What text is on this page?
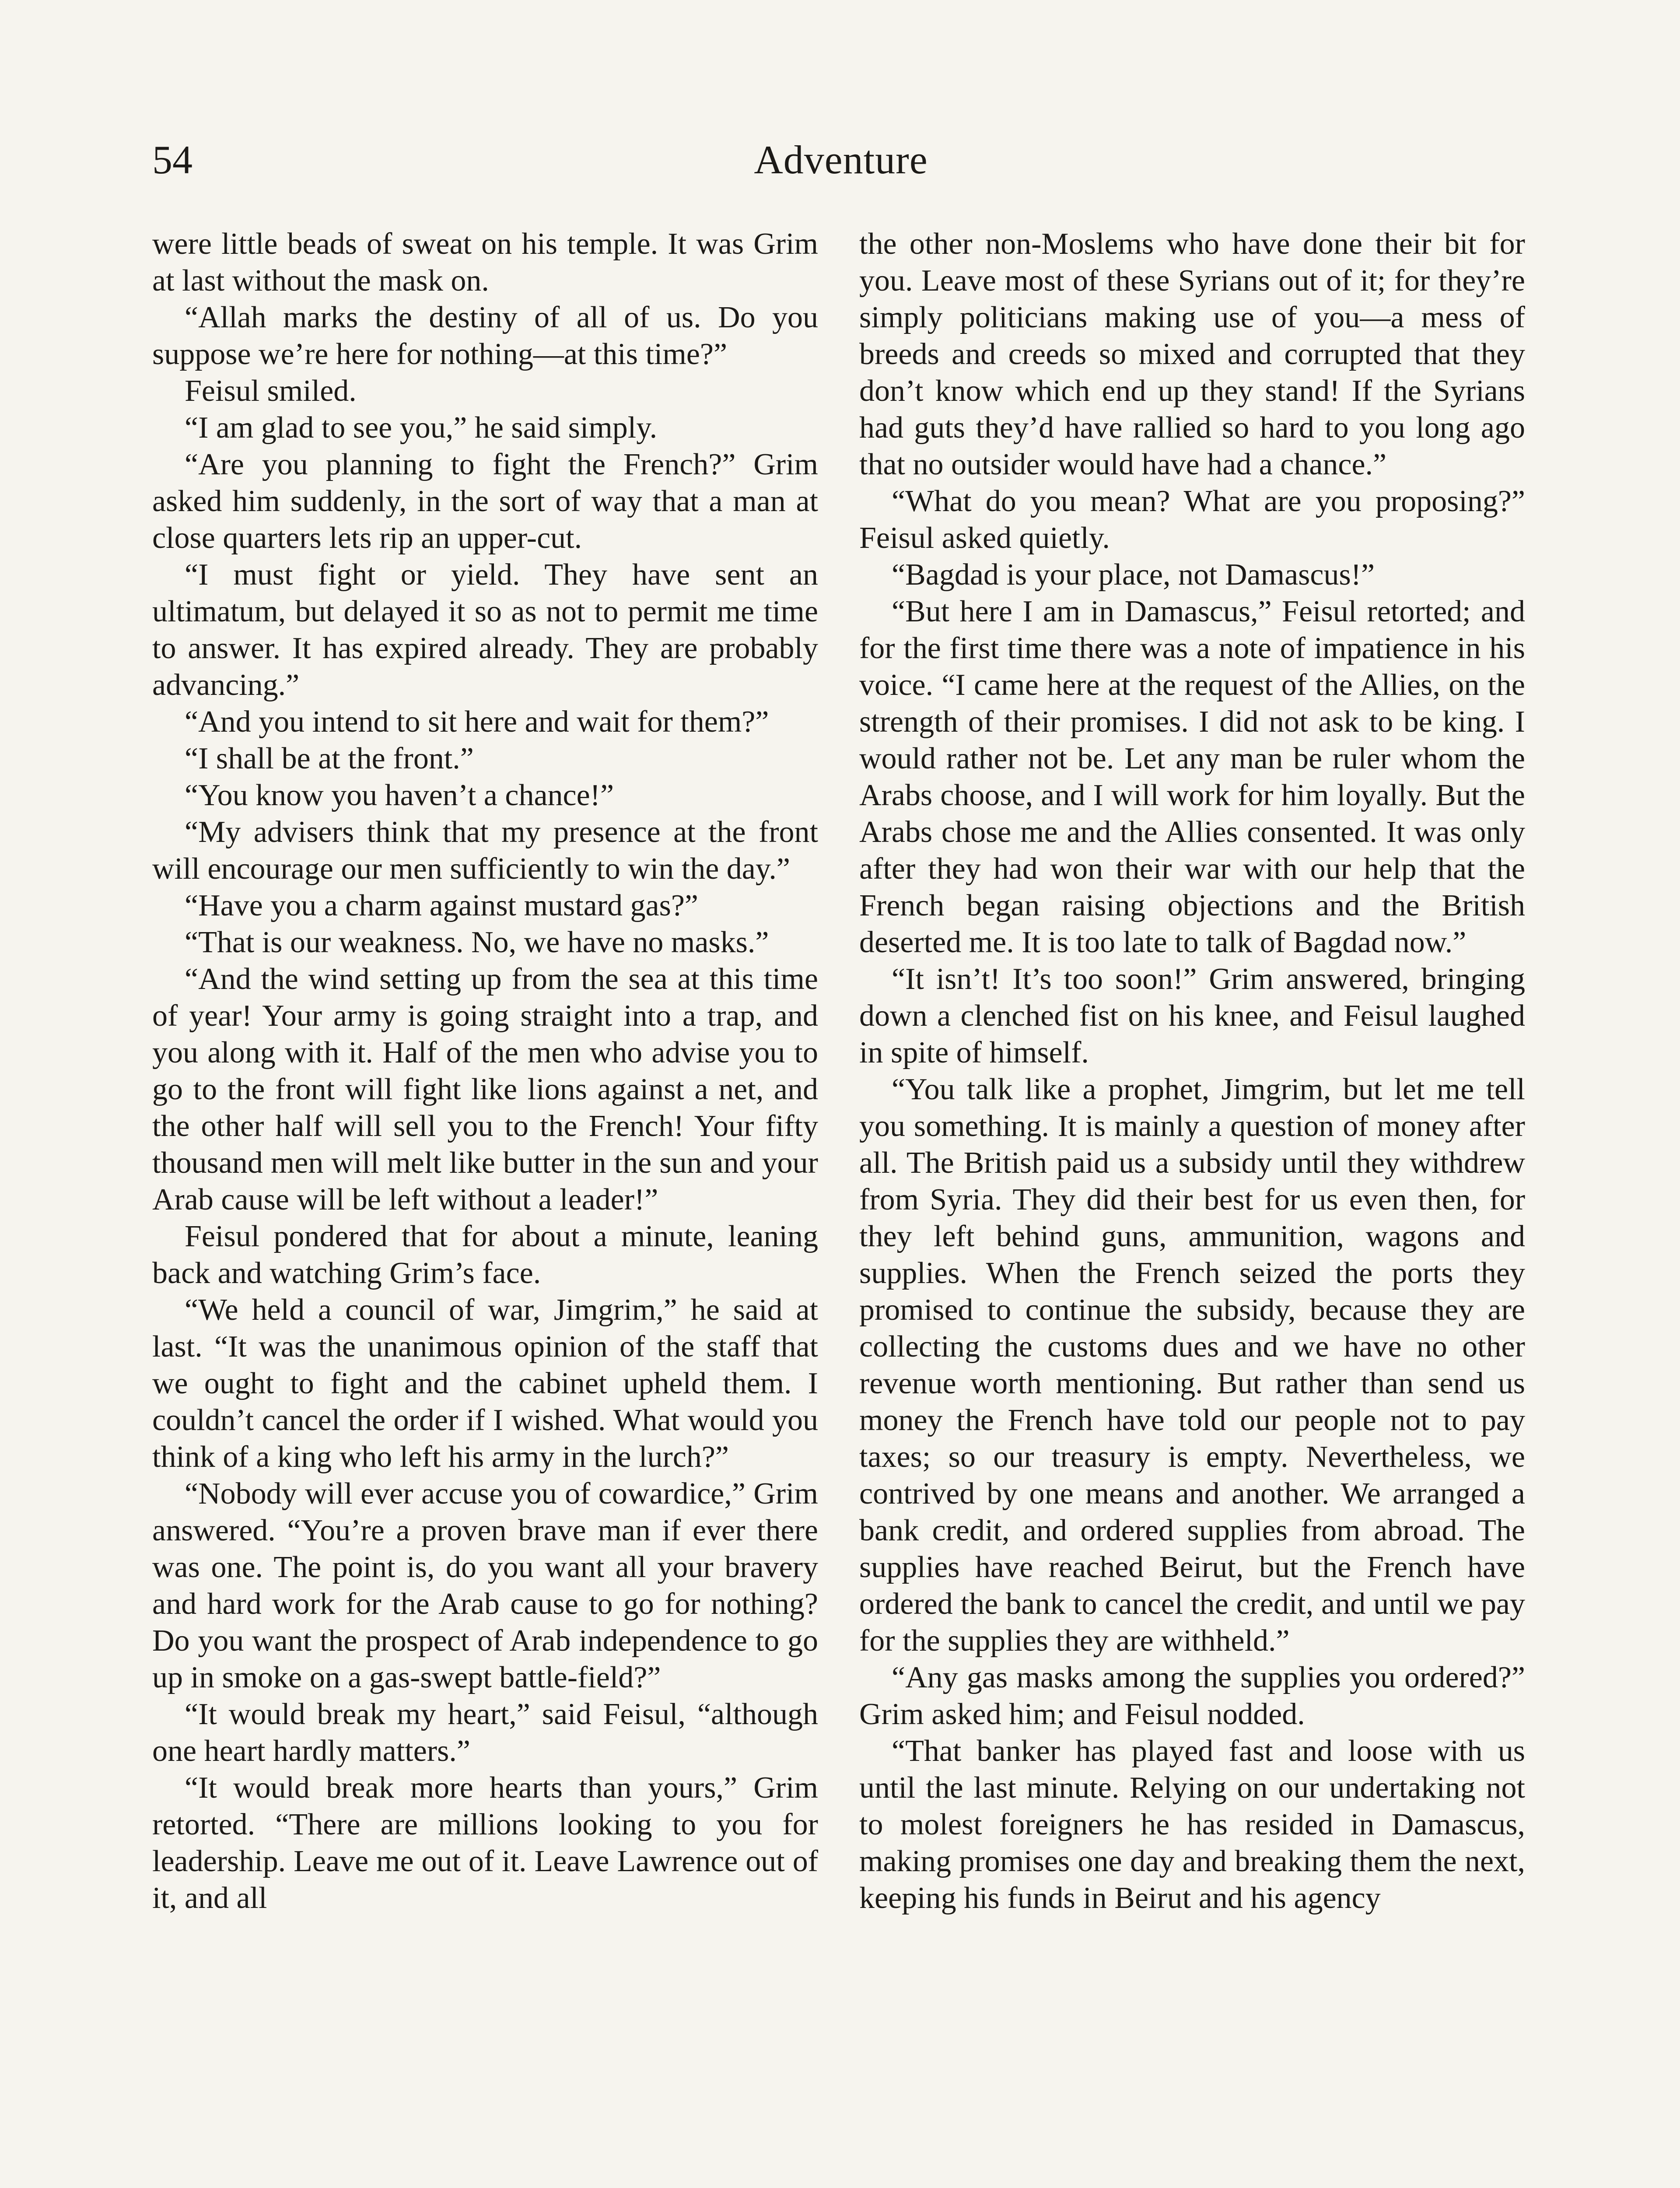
54	Adventure

were little beads of sweat on his temple. It was Grim at last without the mask on.

“Allah marks the destiny of all of us. Do you suppose we’re here for nothing—at this time?”

Feisul smiled.

“I am glad to see you,” he said simply.

“Are you planning to fight the French?” Grim asked him suddenly, in the sort of way that a man at close quarters lets rip an upper-cut.

“I must fight or yield. They have sent an ultimatum, but delayed it so as not to permit me time to answer. It has expired already. They are probably advancing.”

“And you intend to sit here and wait for them?”

“I shall be at the front.”

“You know you haven’t a chance!”

“My advisers think that my presence at the front will encourage our men sufficiently to win the day.”

“Have you a charm against mustard gas?”

“That is our weakness. No, we have no masks.”

“And the wind setting up from the sea at this time of year! Your army is going straight into a trap, and you along with it. Half of the men who advise you to go to the front will fight like lions against a net, and the other half will sell you to the French! Your fifty thousand men will melt like butter in the sun and your Arab cause will be left without a leader!”

Feisul pondered that for about a minute, leaning back and watching Grim’s face.

“We held a council of war, Jimgrim,” he said at last. “It was the unanimous opinion of the staff that we ought to fight and the cabinet upheld them. I couldn’t cancel the order if I wished. What would you think of a king who left his army in the lurch?”

“Nobody will ever accuse you of cowardice,” Grim answered. “You’re a proven brave man if ever there was one. The point is, do you want all your bravery and hard work for the Arab cause to go for nothing? Do you want the prospect of Arab independence to go up in smoke on a gas-swept battle-field?”

“It would break my heart,” said Feisul, “although one heart hardly matters.”

“It would break more hearts than yours,” Grim retorted. “There are millions looking to you for leadership. Leave me out of it. Leave Lawrence out of it, and all

the other non-Moslems who have done their bit for you. Leave most of these Syrians out of it; for they’re simply politicians making use of you—a mess of breeds and creeds so mixed and corrupted that they don’t know which end up they stand! If the Syrians had guts they’d have rallied so hard to you long ago that no outsider would have had a chance.”

“What do you mean? What are you proposing?” Feisul asked quietly.

“Bagdad is your place, not Damascus!”

“But here I am in Damascus,” Feisul retorted; and for the first time there was a note of impatience in his voice. “I came here at the request of the Allies, on the strength of their promises. I did not ask to be king. I would rather not be. Let any man be ruler whom the Arabs choose, and I will work for him loyally. But the Arabs chose me and the Allies consented. It was only after they had won their war with our help that the French began raising objections and the British deserted me. It is too late to talk of Bagdad now.”

“It isn’t! It’s too soon!” Grim answered, bringing down a clenched fist on his knee, and Feisul laughed in spite of himself.

“You talk like a prophet, Jimgrim, but let me tell you something. It is mainly a question of money after all. The British paid us a subsidy until they withdrew from Syria. They did their best for us even then, for they left behind guns, ammunition, wagons and supplies. When the French seized the ports they promised to continue the subsidy, because they are collecting the customs dues and we have no other revenue worth mentioning. But rather than send us money the French have told our people not to pay taxes; so our treasury is empty. Nevertheless, we contrived by one means and another. We arranged a bank credit, and ordered supplies from abroad. The supplies have reached Beirut, but the French have ordered the bank to cancel the credit, and until we pay for the supplies they are withheld.”

“Any gas masks among the supplies you ordered?” Grim asked him; and Feisul nodded.

“That banker has played fast and loose with us until the last minute. Relying on our undertaking not to molest foreigners he has resided in Damascus, making promises one day and breaking them the next, keeping his funds in Beirut and his agency
